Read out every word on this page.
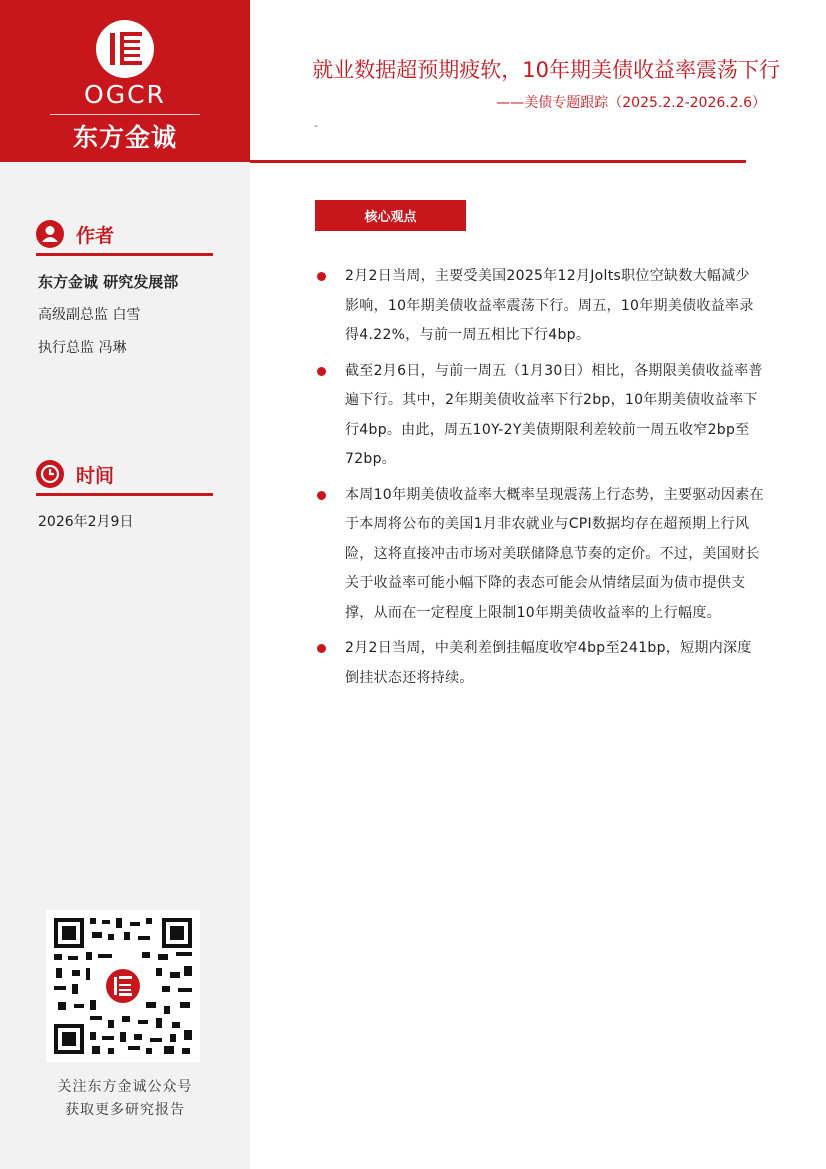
OGCR
东方金诚
就业数据超预期疲软，10年期美债收益率震荡下行
——美债专题跟踪（2025.2.2-2026.2.6）
-
作者
东方金诚 研究发展部
高级副总监 白雪
执行总监 冯琳
时间
2026年2月9日
关注东方金诚公众号
获取更多研究报告
核心观点
2月2日当周，主要受美国2025年12月Jolts职位空缺数大幅减少影响，10年期美债收益率震荡下行。周五，10年期美债收益率录得4.22%，与前一周五相比下行4bp。
截至2月6日，与前一周五（1月30日）相比，各期限美债收益率普遍下行。其中，2年期美债收益率下行2bp，10年期美债收益率下行4bp。由此，周五10Y-2Y美债期限利差较前一周五收窄2bp至72bp。
本周10年期美债收益率大概率呈现震荡上行态势，主要驱动因素在于本周将公布的美国1月非农就业与CPI数据均存在超预期上行风险，这将直接冲击市场对美联储降息节奏的定价。不过，美国财长关于收益率可能小幅下降的表态可能会从情绪层面为债市提供支撑，从而在一定程度上限制10年期美债收益率的上行幅度。
2月2日当周，中美利差倒挂幅度收窄4bp至241bp，短期内深度倒挂状态还将持续。
